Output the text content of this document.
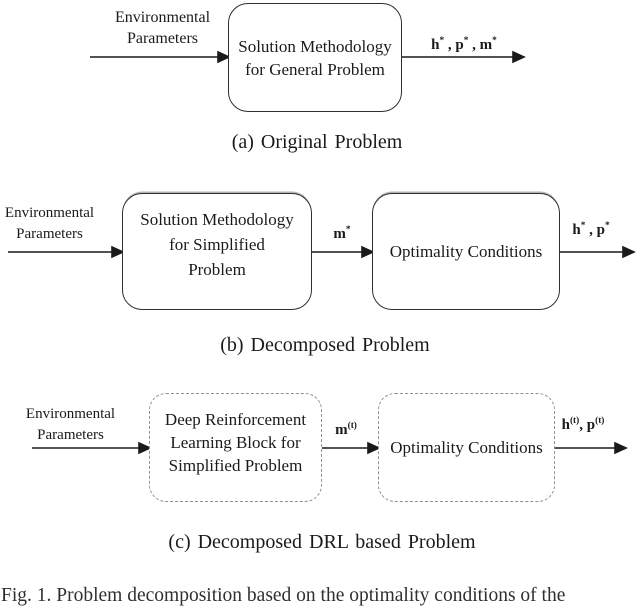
Environmental
Parameters	Solution Methodology
for General Problem
h* , p* , m*
(a) Original Problem
Environmental
Parameters
Solution Methodology
for Simplified
Problem
m*
Optimality Conditions
h* , p*
(b) Decomposed Problem
Environmental
Parameters
Deep Reinforcement
Learning Block for
Simplified Problem
$m^{(t)}$
Optimality Conditions
$h^{(t)}$, $p^{(t)}$
(c) Decomposed DRL based Problem
Fig. 1. Problem decomposition based on the optimality conditions of the
